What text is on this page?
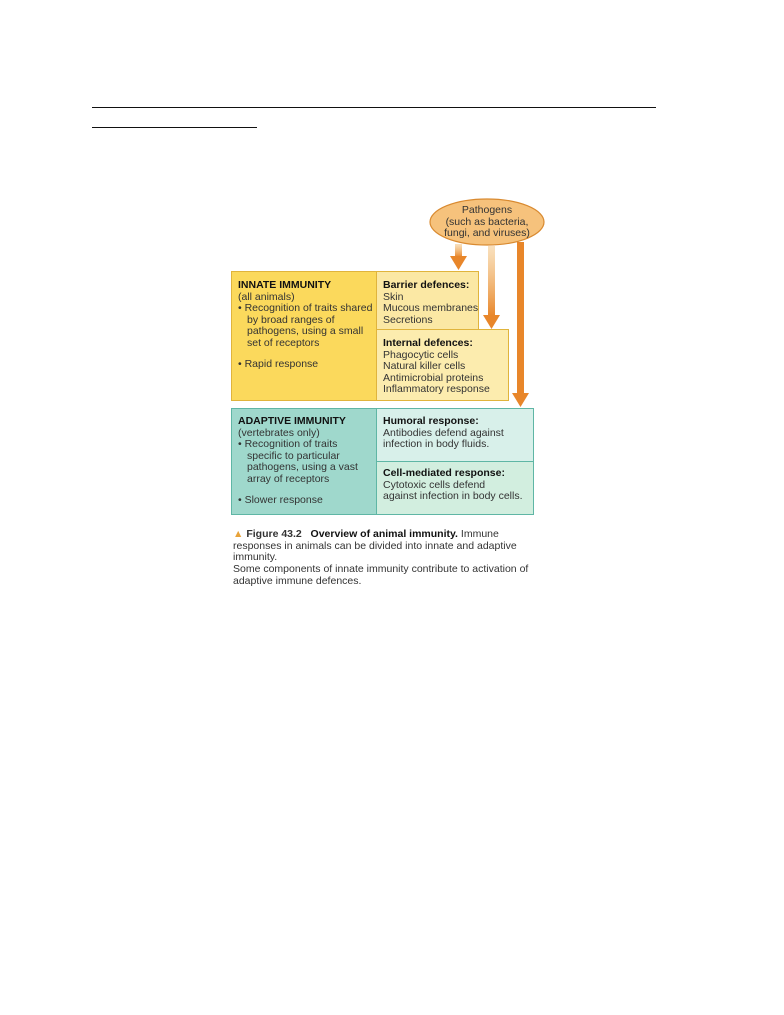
Pathogens
(such as bacteria,
fungi, and viruses)
INNATE IMMUNITY
(all animals)
• Recognition of traits shared
by broad ranges of
pathogens, using a small
set of receptors
• Rapid response
Barrier defences:
Skin
Mucous membranes
Secretions
Internal defences:
Phagocytic cells
Natural killer cells
Antimicrobial proteins
Inflammatory response
ADAPTIVE IMMUNITY
(vertebrates only)
• Recognition of traits
specific to particular
pathogens, using a vast
array of receptors
• Slower response
Humoral response:
Antibodies defend against
infection in body fluids.
Cell-mediated response:
Cytotoxic cells defend
against infection in body cells.
▲ Figure 43.2 Overview of animal immunity. Immune
responses in animals can be divided into innate and adaptive immunity.
Some components of innate immunity contribute to activation of
adaptive immune defences.
